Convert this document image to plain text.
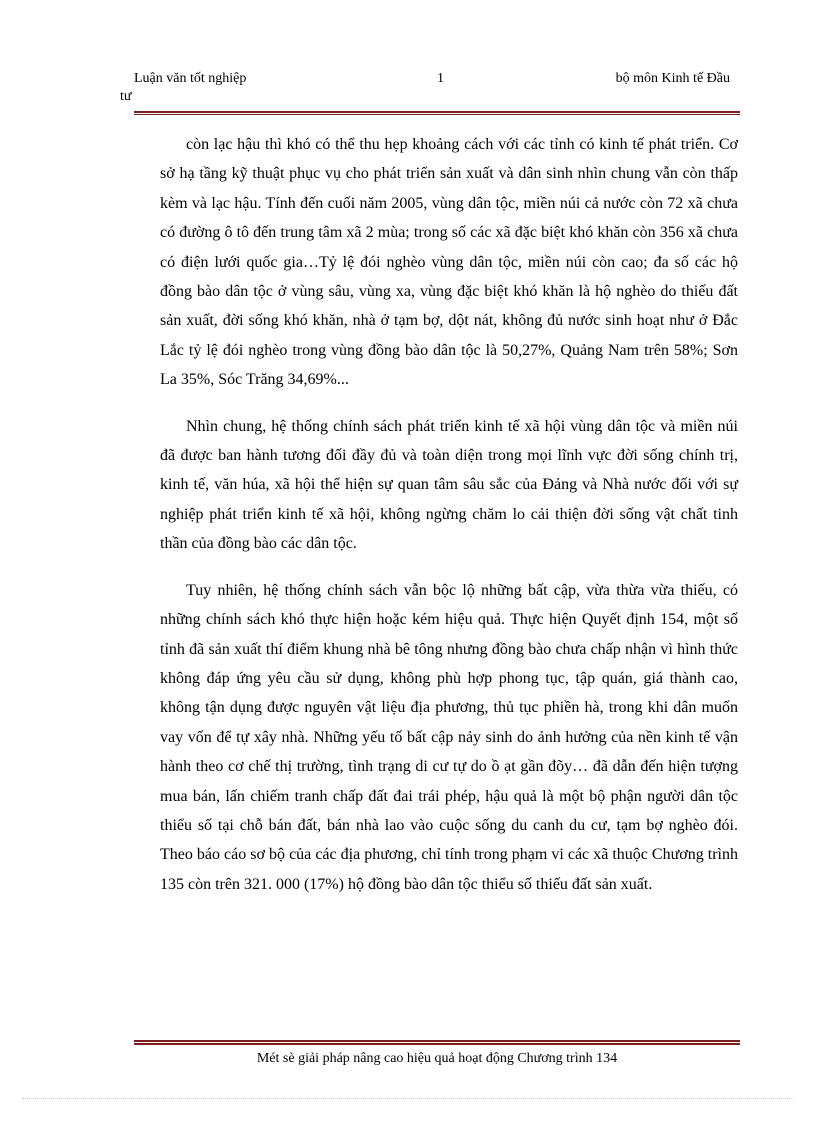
Luận văn tốt nghiệp
tư
1	bộ môn Kinh tế Đầu

còn lạc hậu thì khó có thể thu hẹp khoảng cách với các tỉnh có kinh tế phát triển. Cơ sở hạ tầng kỹ thuật phục vụ cho phát triển sản xuất và dân sinh nhìn chung vẫn còn thấp kèm và lạc hậu. Tính đến cuối năm 2005, vùng dân tộc, miền núi cả nước còn 72 xã chưa có đường ô tô đến trung tâm xã 2 mùa; trong số các xã đặc biệt khó khăn còn 356 xã chưa có điện lưới quốc gia…Tỷ lệ đói nghèo vùng dân tộc, miền núi còn cao; đa số các hộ đồng bào dân tộc ở vùng sâu, vùng xa, vùng đặc biệt khó khăn là hộ nghèo do thiếu đất sản xuất, đời sống khó khăn, nhà ở tạm bợ, dột nát, không đủ nước sinh hoạt như ở Đắc Lắc tỷ lệ đói nghèo trong vùng đồng bào dân tộc là 50,27%, Quảng Nam trên 58%; Sơn La 35%, Sóc Trăng 34,69%...

Nhìn chung, hệ thống chính sách phát triển kinh tế xã hội vùng dân tộc và miền núi đã được ban hành tương đối đầy đủ và toàn diện trong mọi lĩnh vực đời sống chính trị, kinh tế, văn húa, xã hội thể hiện sự quan tâm sâu sắc của Đảng và Nhà nước đối với sự nghiệp phát triển kinh tế xã hội, không ngừng chăm lo cải thiện đời sống vật chất tinh thần của đồng bào các dân tộc.

Tuy nhiên, hệ thống chính sách vẫn bộc lộ những bất cập, vừa thừa vừa thiếu, có những chính sách khó thực hiện hoặc kém hiệu quả. Thực hiện Quyết định 154, một số tỉnh đã sản xuất thí điểm khung nhà bê tông nhưng đồng bào chưa chấp nhận vì hình thức không đáp ứng yêu cầu sử dụng, không phù hợp phong tục, tập quán, giá thành cao, không tận dụng được nguyên vật liệu địa phương, thủ tục phiền hà, trong khi dân muốn vay vốn để tự xây nhà. Những yếu tố bất cập nảy sinh do ảnh hưởng của nền kinh tế vận hành theo cơ chế thị trường, tình trạng di cư tự do ồ ạt gần đõy… đã dẫn đến hiện tượng mua bán, lấn chiếm tranh chấp đất đai trái phép, hậu quả là một bộ phận người dân tộc thiểu số tại chỗ bán đất, bán nhà lao vào cuộc sống du canh du cư, tạm bợ nghèo đói. Theo báo cáo sơ bộ của các địa phương, chỉ tính trong phạm vi các xã thuộc Chương trình 135 còn trên 321. 000 (17%) hộ đồng bào dân tộc thiểu số thiếu đất sản xuất.

Mét sè giải pháp nâng cao hiệu quả hoạt động Chương trình 134
